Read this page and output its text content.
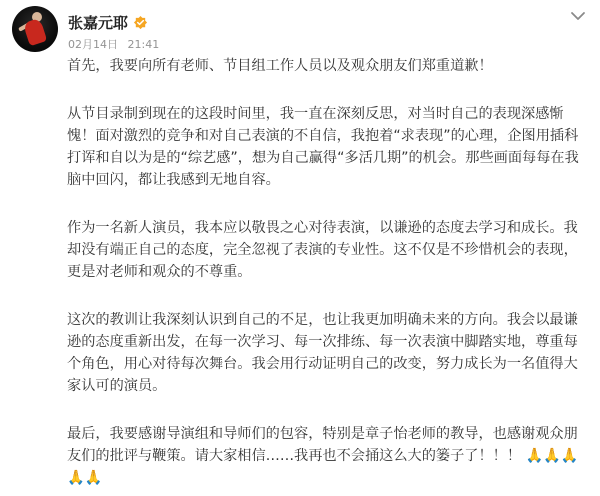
张嘉元耶
02月14日 21:41

首先，我要向所有老师、节目组工作人员以及观众朋友们郑重道歉！

从节目录制到现在的这段时间里，我一直在深刻反思，对当时自己的表现深感惭愧！面对激烈的竞争和对自己表演的不自信，我抱着“求表现”的心理，企图用插科打诨和自以为是的“综艺感”，想为自己赢得“多活几期”的机会。那些画面每每在我脑中回闪，都让我感到无地自容。

作为一名新人演员，我本应以敬畏之心对待表演，以谦逊的态度去学习和成长。我却没有端正自己的态度，完全忽视了表演的专业性。这不仅是不珍惜机会的表现，更是对老师和观众的不尊重。

这次的教训让我深刻认识到自己的不足，也让我更加明确未来的方向。我会以最谦逊的态度重新出发，在每一次学习、每一次排练、每一次表演中脚踏实地，尊重每个角色，用心对待每次舞台。我会用行动证明自己的改变，努力成长为一名值得大家认可的演员。

最后，我要感谢导演组和导师们的包容，特别是章子怡老师的教导，也感谢观众朋友们的批评与鞭策。请大家相信……我再也不会捅这么大的篓子了！！！ 🙏🙏🙏🙏🙏
